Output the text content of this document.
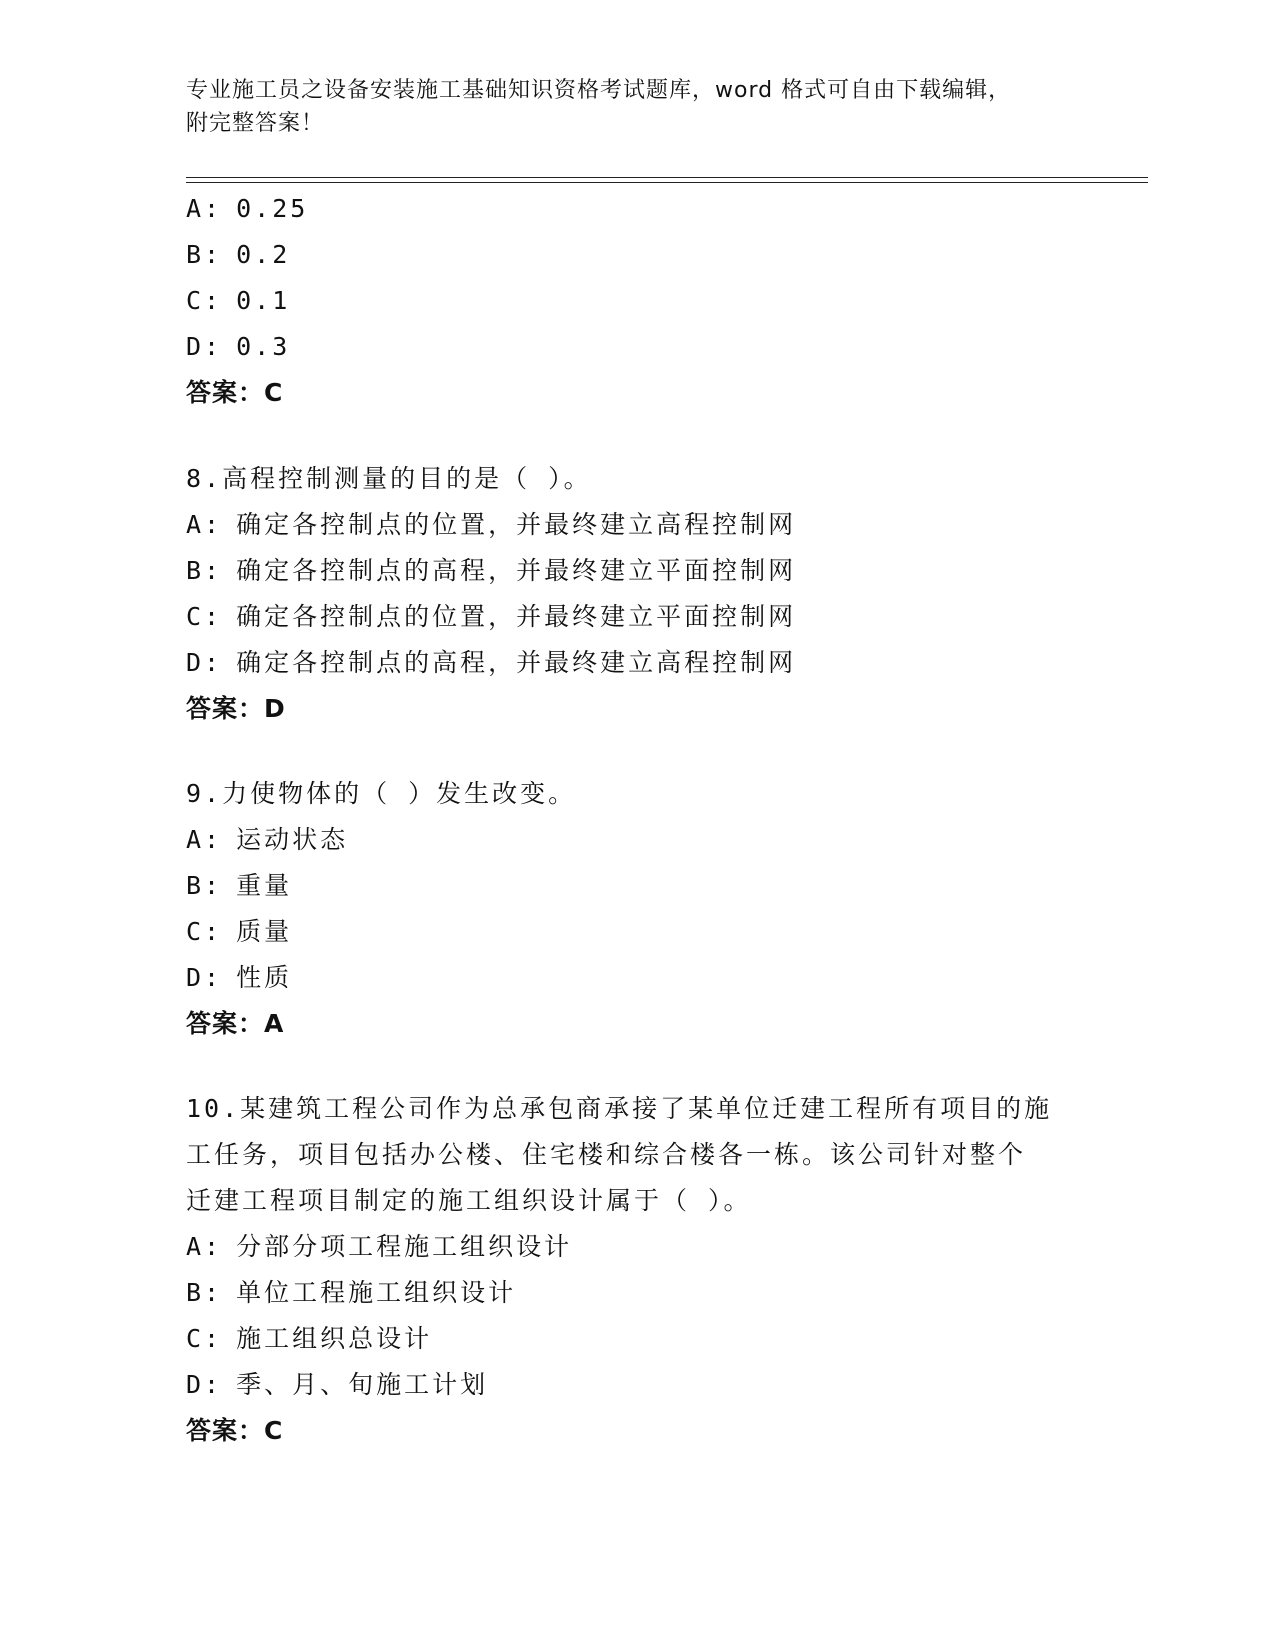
专业施工员之设备安装施工基础知识资格考试题库，word 格式可自由下载编辑，
附完整答案！
A: 0.25
B: 0.2
C: 0.1
D: 0.3
答案：C
8.高程控制测量的目的是（ ）。
A: 确定各控制点的位置，并最终建立高程控制网
B: 确定各控制点的高程，并最终建立平面控制网
C: 确定各控制点的位置，并最终建立平面控制网
D: 确定各控制点的高程，并最终建立高程控制网
答案：D
9.力使物体的（ ）发生改变。
A: 运动状态
B: 重量
C: 质量
D: 性质
答案：A
10.某建筑工程公司作为总承包商承接了某单位迁建工程所有项目的施
工任务，项目包括办公楼、住宅楼和综合楼各一栋。该公司针对整个
迁建工程项目制定的施工组织设计属于（ ）。
A: 分部分项工程施工组织设计
B: 单位工程施工组织设计
C: 施工组织总设计
D: 季、月、旬施工计划
答案：C
